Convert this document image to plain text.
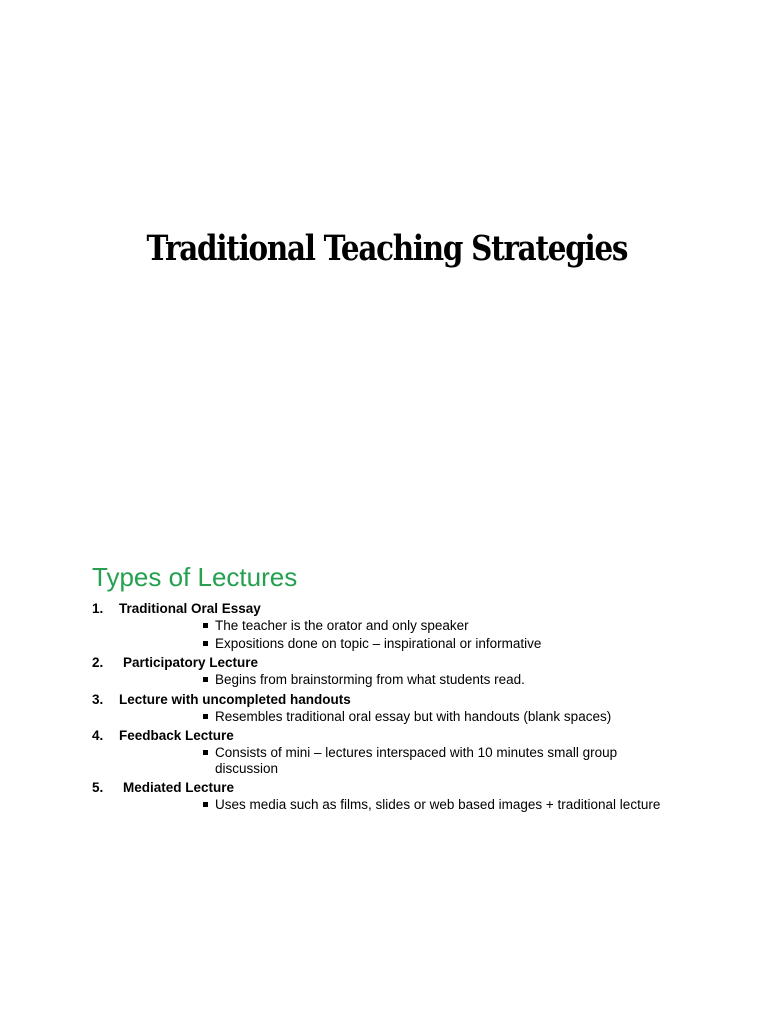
Traditional Teaching Strategies
Types of Lectures
1.	Traditional Oral Essay
The teacher is the orator and only speaker
Expositions done on topic – inspirational or informative
2.	Participatory Lecture
Begins from brainstorming from what students read.
3.	Lecture with uncompleted handouts
Resembles traditional oral essay but with handouts (blank spaces)
4.	Feedback Lecture
Consists of mini – lectures interspaced with 10 minutes small group discussion
5.	Mediated Lecture
Uses media such as films, slides or web based images + traditional lecture
